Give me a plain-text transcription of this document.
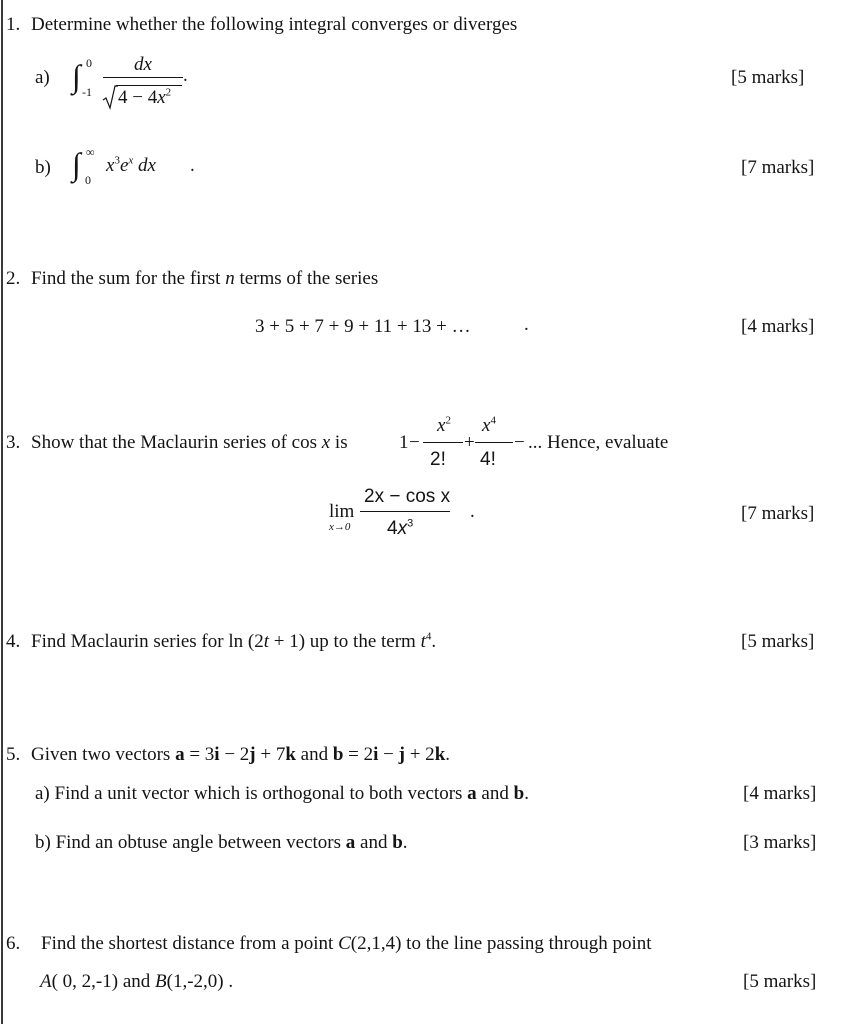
1. Determine whether the following integral converges or diverges
a) ∫ 0
-1
dx
$4 - 4x^2$
.	[5 marks]
b) ∫ ∞
0
$x^3e^x$ dx .	[7 marks]
2. Find the sum for the first n terms of the series
3 + 5 + 7 + 9 + 11 + 13 + …	.	[4 marks]
3. Show that the Maclaurin series of cos x is	1 −
$x^2$
2!
+
$x^4$
4!
− ... Hence, evaluate
lim
x→0
2x − cos x
$4x^3$
.	[7 marks]
4. Find Maclaurin series for ln (2t + 1) up to the term $t^4$.	[5 marks]
5. Given two vectors a = 3i − 2j + 7k and b = 2i − j + 2k.
a) Find a unit vector which is orthogonal to both vectors a and b.	[4 marks]
b) Find an obtuse angle between vectors a and b.	[3 marks]
6. Find the shortest distance from a point C(2,1,4) to the line passing through point
A( 0, 2,-1) and B(1,-2,0) .	[5 marks]
